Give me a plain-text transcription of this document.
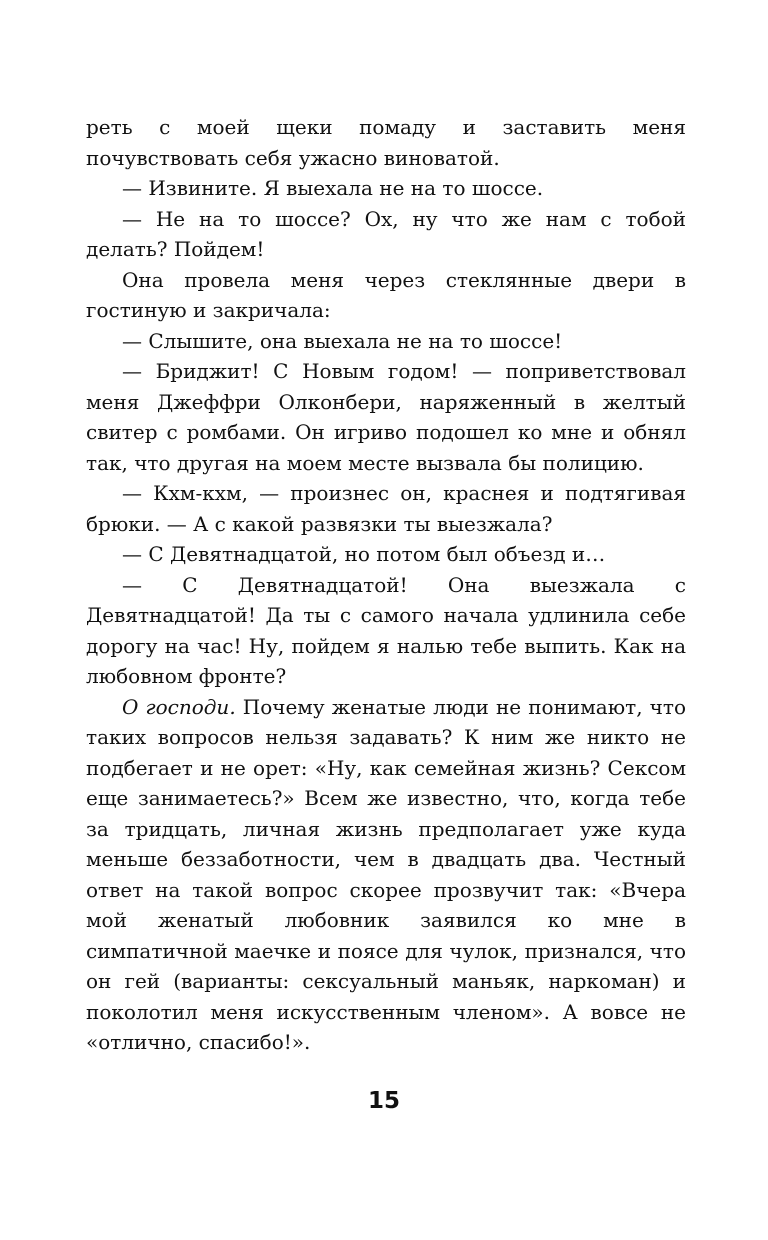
реть с моей щеки помаду и заставить меня почувствовать себя ужасно виноватой.

— Извините. Я выехала не на то шоссе.

— Не на то шоссе? Ох, ну что же нам с тобой делать? Пойдем!

Она провела меня через стеклянные двери в гостиную и закричала:

— Слышите, она выехала не на то шоссе!

— Бриджит! С Новым годом! — поприветствовал меня Джеффри Олконбери, наряженный в желтый свитер с ромбами. Он игриво подошел ко мне и обнял так, что другая на моем месте вызвала бы полицию.

— Кхм-кхм, — произнес он, краснея и подтягивая брюки. — А с какой развязки ты выезжала?

— С Девятнадцатой, но потом был объезд и…

— С Девятнадцатой! Она выезжала с Девятнадцатой! Да ты с самого начала удлинила себе дорогу на час! Ну, пойдем я налью тебе выпить. Как на любовном фронте?

О господи. Почему женатые люди не понимают, что таких вопросов нельзя задавать? К ним же никто не подбегает и не орет: «Ну, как семейная жизнь? Сексом еще занимаетесь?» Всем же известно, что, когда тебе за тридцать, личная жизнь предполагает уже куда меньше беззаботности, чем в двадцать два. Честный ответ на такой вопрос скорее прозвучит так: «Вчера мой женатый любовник заявился ко мне в симпатичной маечке и поясе для чулок, признался, что он гей (варианты: сексуальный маньяк, наркоман) и поколотил меня искусственным членом». А вовсе не «отлично, спасибо!».

15
